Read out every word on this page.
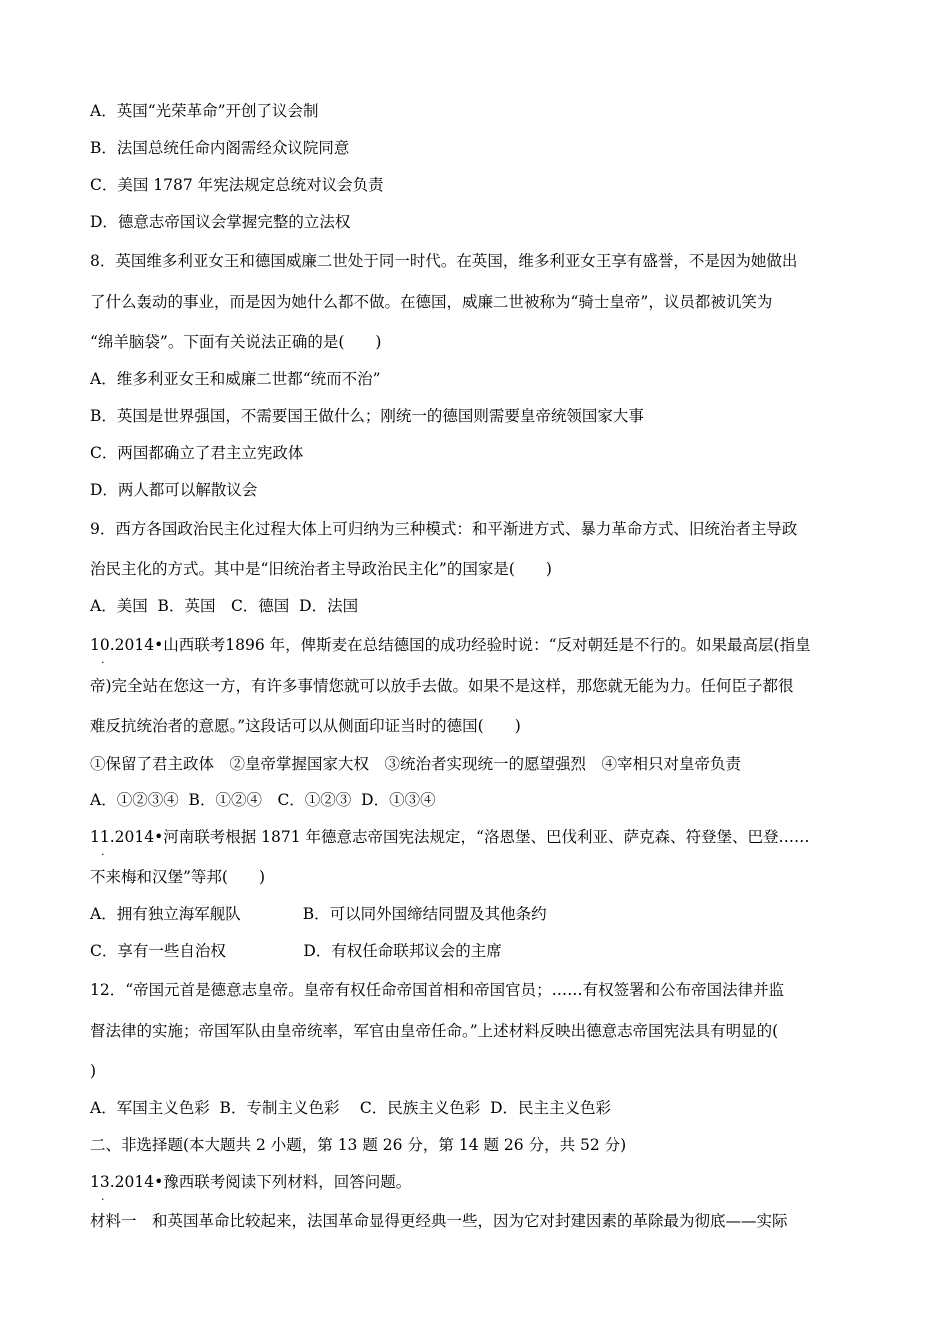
A．英国“光荣革命”开创了议会制
B．法国总统任命内阁需经众议院同意
C．美国 1787 年宪法规定总统对议会负责
D．德意志帝国议会掌握完整的立法权
8．英国维多利亚女王和德国威廉二世处于同一时代。在英国，维多利亚女王享有盛誉，不是因为她做出
了什么轰动的事业，而是因为她什么都不做。在德国，威廉二世被称为“骑士皇帝”，议员都被讥笑为
“绵羊脑袋”。下面有关说法正确的是(　　)
A．维多利亚女王和威廉二世都“统而不治”
B．英国是世界强国，不需要国王做什么；刚统一的德国则需要皇帝统领国家大事
C．两国都确立了君主立宪政体
D．两人都可以解散议会
9．西方各国政治民主化过程大体上可归纳为三种模式：和平渐进方式、暴力革命方式、旧统治者主导政
治民主化的方式。其中是“旧统治者主导政治民主化”的国家是(　　)
A．美国  B．英国　C．德国  D．法国
10.2014•山西联考1896 年，俾斯麦在总结德国的成功经验时说：“反对朝廷是不行的。如果最高层(指皇
.
帝)完全站在您这一方，有许多事情您就可以放手去做。如果不是这样，那您就无能为力。任何臣子都很
难反抗统治者的意愿。”这段话可以从侧面印证当时的德国(　　)
①保留了君主政体　②皇帝掌握国家大权　③统治者实现统一的愿望强烈　④宰相只对皇帝负责
A．①②③④  B．①②④　C．①②③  D．①③④
11.2014•河南联考根据 1871 年德意志帝国宪法规定，“洛恩堡、巴伐利亚、萨克森、符登堡、巴登……
.
不来梅和汉堡”等邦(　　)
A．拥有独立海军舰队　　　　B．可以同外国缔结同盟及其他条约
C．享有一些自治权　　　　　D．有权任命联邦议会的主席
12．“帝国元首是德意志皇帝。皇帝有权任命帝国首相和帝国官员；……有权签署和公布帝国法律并监
督法律的实施；帝国军队由皇帝统率，军官由皇帝任命。”上述材料反映出德意志帝国宪法具有明显的(
)
A．军国主义色彩  B．专制主义色彩　 C．民族主义色彩  D．民主主义色彩
二、非选择题(本大题共 2 小题，第 13 题 26 分，第 14 题 26 分，共 52 分)
13.2014•豫西联考阅读下列材料，回答问题。
.
材料一　和英国革命比较起来，法国革命显得更经典一些，因为它对封建因素的革除最为彻底——实际
